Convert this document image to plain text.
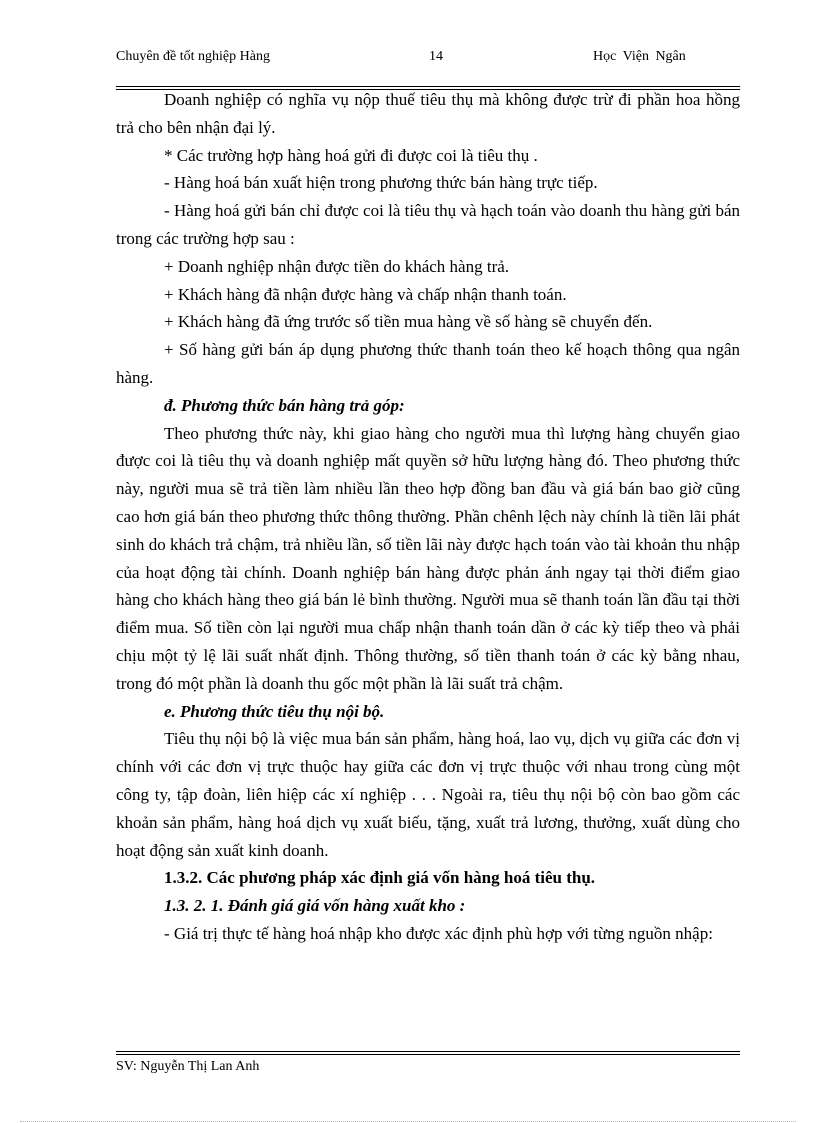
Chuyên đề tốt nghiệp Hàng	14	Học Viện Ngân

Doanh nghiệp có nghĩa vụ nộp thuế tiêu thụ mà không được trừ đi phần hoa hồng trả cho bên nhận đại lý.

* Các trường hợp hàng hoá gửi đi được coi là tiêu thụ .

- Hàng hoá bán xuất hiện trong phương thức bán hàng trực tiếp.

- Hàng hoá gửi bán chỉ được coi là tiêu thụ và hạch toán vào doanh thu hàng gửi bán trong các trường hợp sau :

+ Doanh nghiệp nhận được tiền do khách hàng trả.

+ Khách hàng đã nhận được hàng và chấp nhận thanh toán.

+ Khách hàng đã ứng trước số tiền mua hàng về số hàng sẽ chuyển đến.

+ Số hàng gửi bán áp dụng phương thức thanh toán theo kế hoạch thông qua ngân hàng.

đ. Phương thức bán hàng trả góp:

Theo phương thức này, khi giao hàng cho người mua thì lượng hàng chuyển giao được coi là tiêu thụ và doanh nghiệp mất quyền sở hữu lượng hàng đó. Theo phương thức này, người mua sẽ trả tiền làm nhiều lần theo hợp đồng ban đầu và giá bán bao giờ cũng cao hơn giá bán theo phương thức thông thường. Phần chênh lệch này chính là tiền lãi phát sinh do khách trả chậm, trả nhiều lần, số tiền lãi này được hạch toán vào tài khoản thu nhập của hoạt động tài chính. Doanh nghiệp bán hàng được phản ánh ngay tại thời điểm giao hàng cho khách hàng theo giá bán lẻ bình thường. Người mua sẽ thanh toán lần đầu tại thời điểm mua. Số tiền còn lại người mua chấp nhận thanh toán dần ở các kỳ tiếp theo và phải chịu một tỷ lệ lãi suất nhất định. Thông thường, số tiền thanh toán ở các kỳ bằng nhau, trong đó một phần là doanh thu gốc một phần là lãi suất trả chậm.

e. Phương thức tiêu thụ nội bộ.

Tiêu thụ nội bộ là việc mua bán sản phẩm, hàng hoá, lao vụ, dịch vụ giữa các đơn vị chính với các đơn vị trực thuộc hay giữa các đơn vị trực thuộc với nhau trong cùng một công ty, tập đoàn, liên hiệp các xí nghiệp . . . Ngoài ra, tiêu thụ nội bộ còn bao gồm các khoản sản phẩm, hàng hoá dịch vụ xuất biếu, tặng, xuất trả lương, thưởng, xuất dùng cho hoạt động sản xuất kinh doanh.

1.3.2. Các phương pháp xác định giá vốn hàng hoá tiêu thụ.

1.3. 2. 1. Đánh giá giá vốn hàng xuất kho :

- Giá trị thực tế hàng hoá nhập kho được xác định phù hợp với từng nguồn nhập:

SV: Nguyễn Thị Lan Anh
